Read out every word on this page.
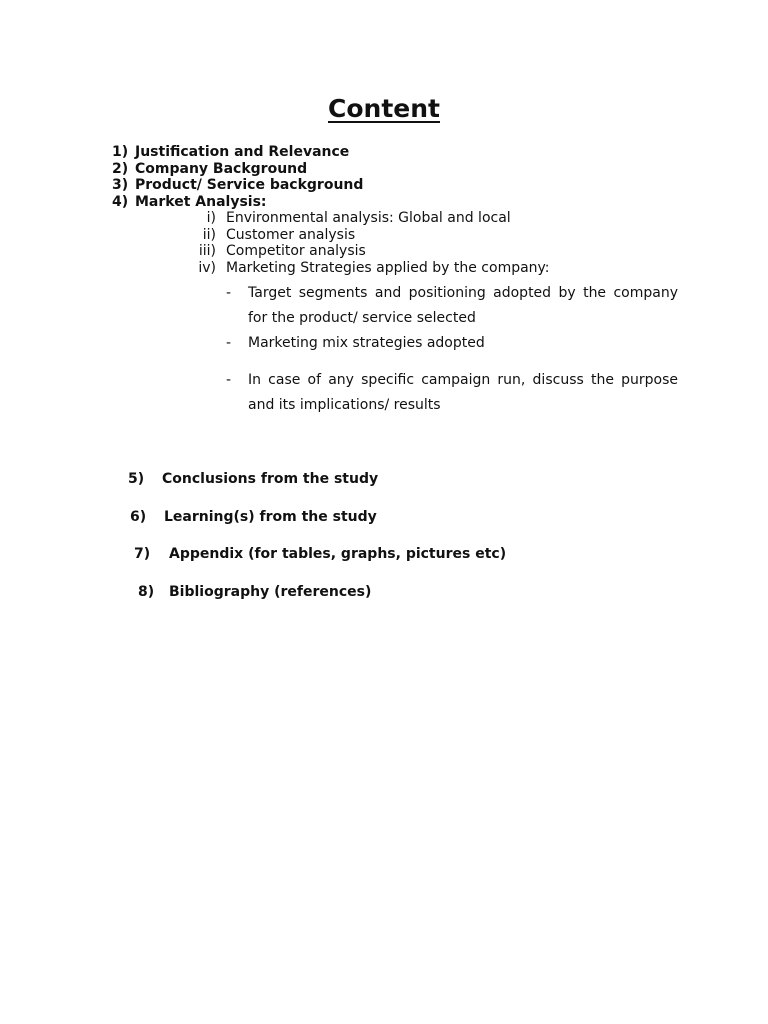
Content
1) Justification and Relevance
2) Company Background
3) Product/ Service background
4) Market Analysis:
i) Environmental analysis: Global and local
ii) Customer analysis
iii) Competitor analysis
iv) Marketing Strategies applied by the company:
- Target segments and positioning adopted by the company for the product/ service selected
- Marketing mix strategies adopted
- In case of any specific campaign run, discuss the purpose and its implications/ results
5) Conclusions from the study
6) Learning(s) from the study
7) Appendix (for tables, graphs, pictures etc)
8) Bibliography (references)
